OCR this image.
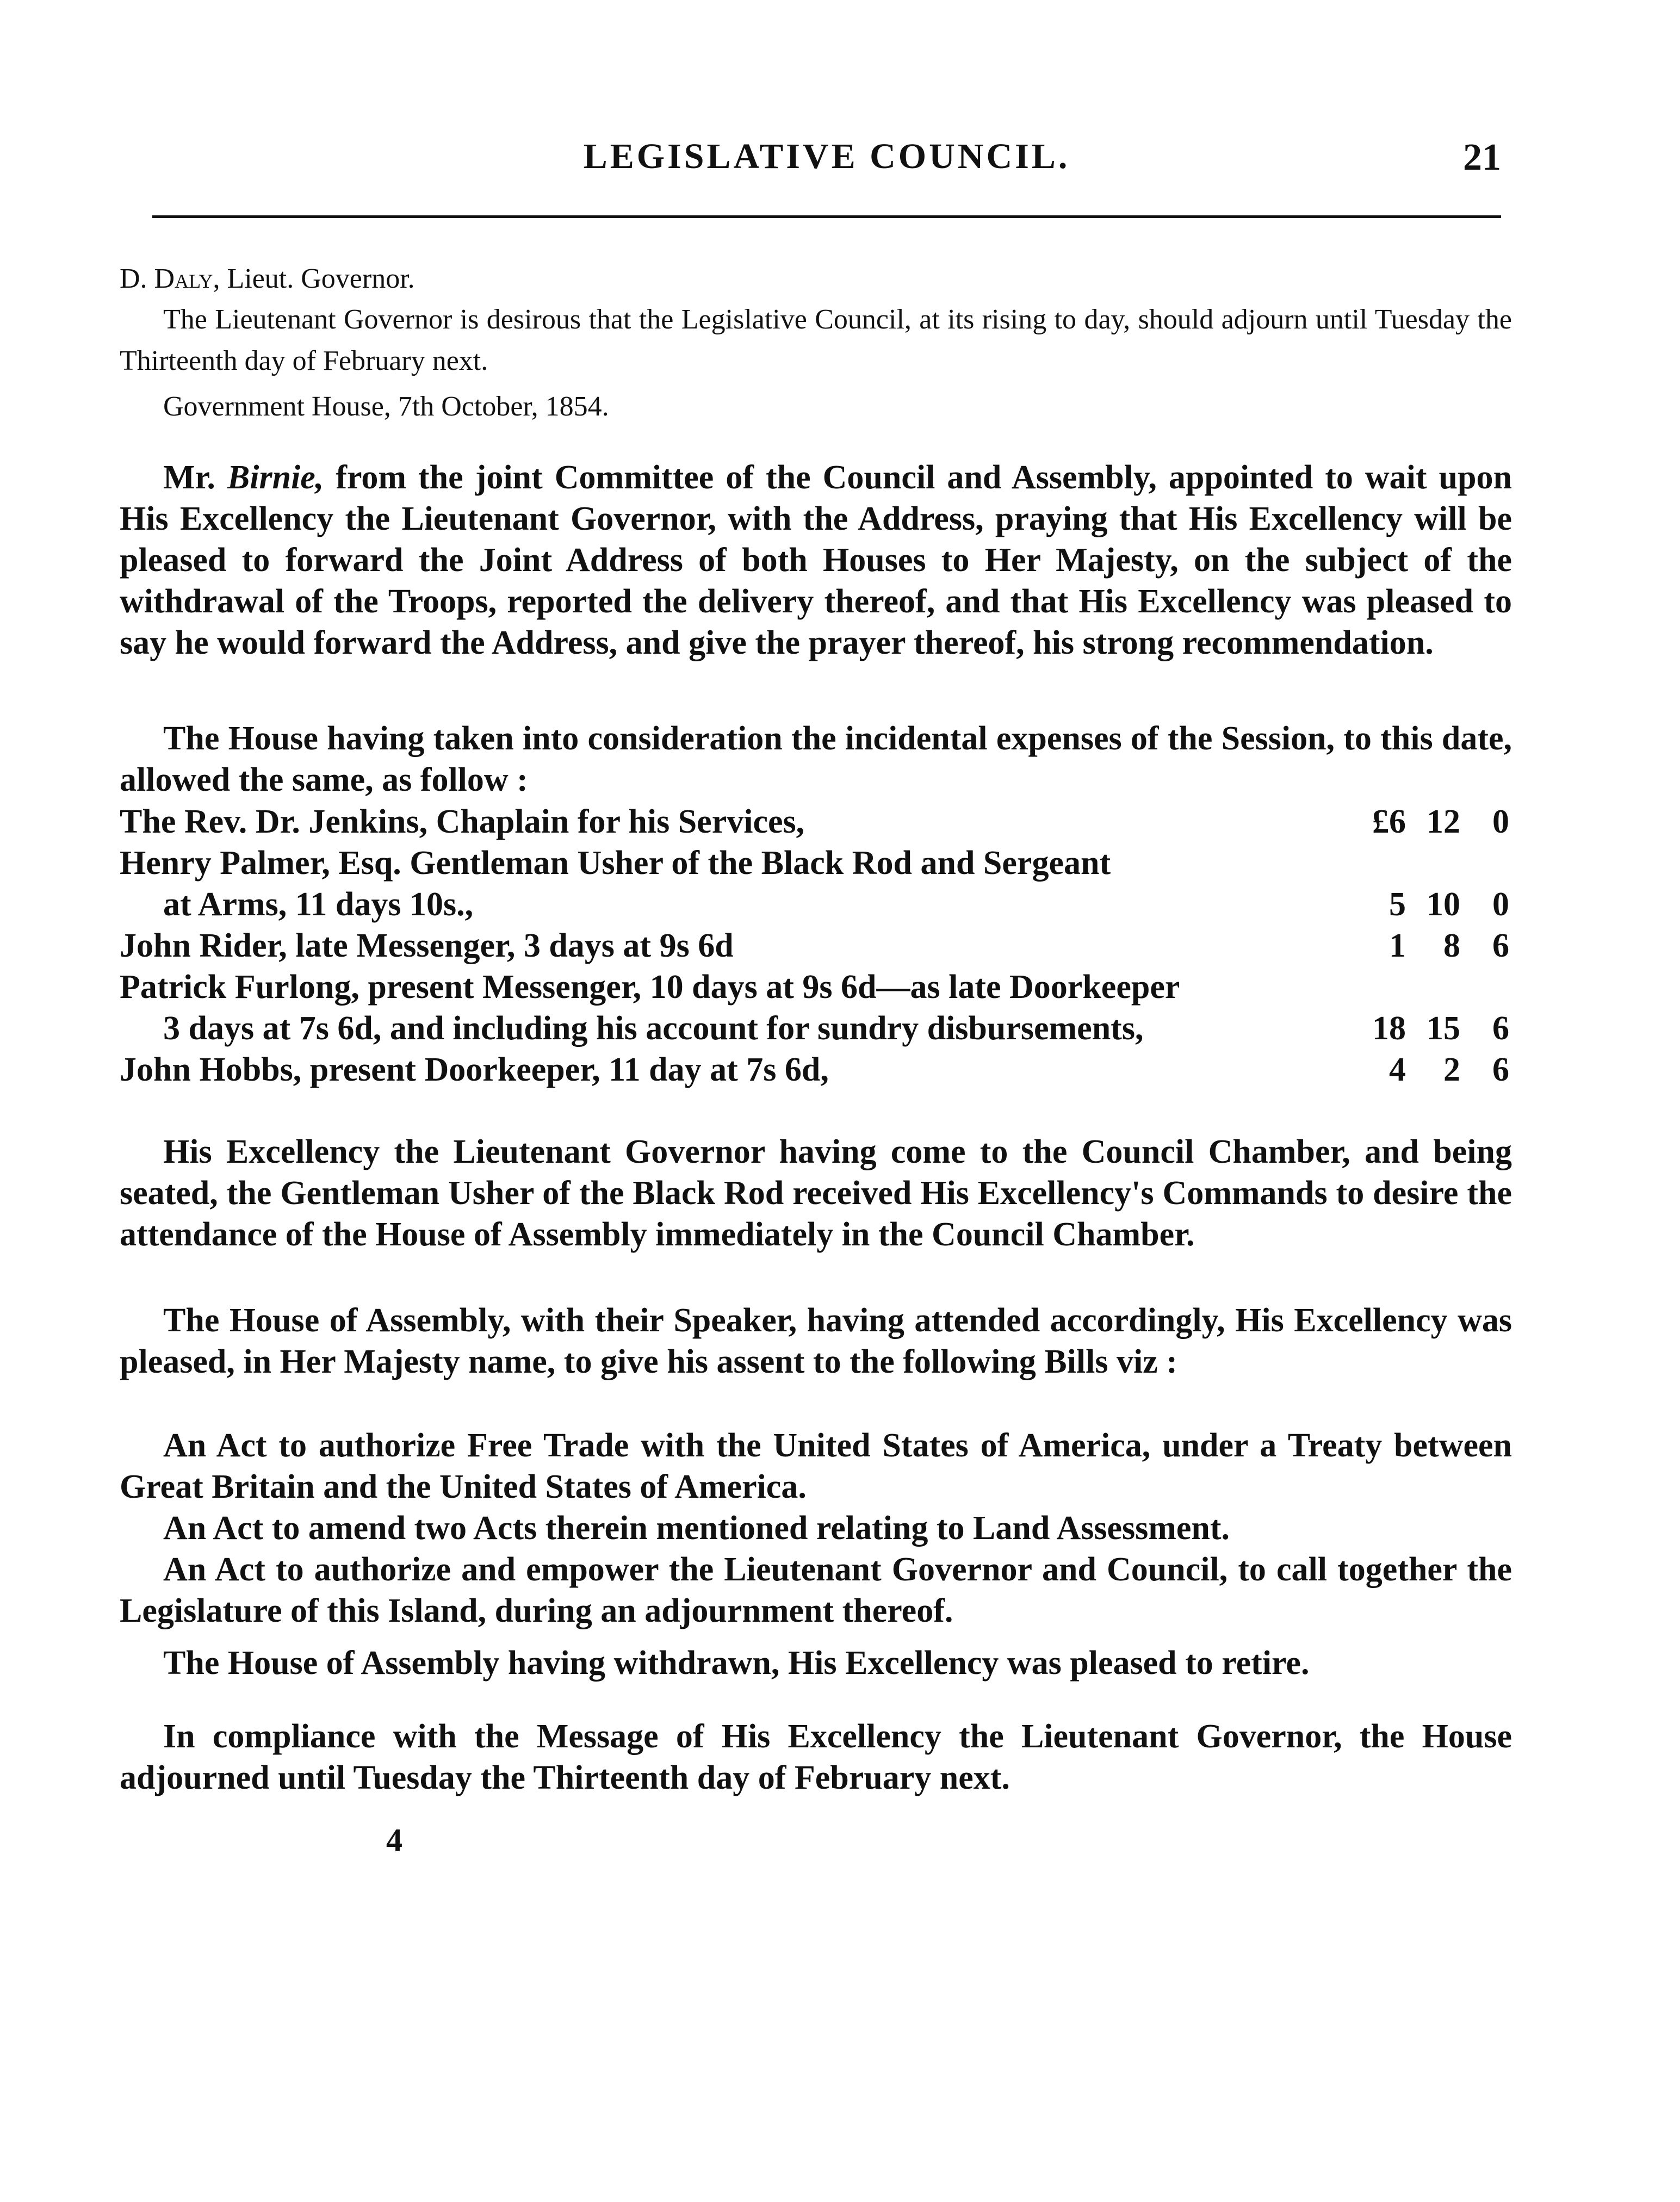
LEGISLATIVE COUNCIL.	21
D. Daly, Lieut. Governor.
The Lieutenant Governor is desirous that the Legislative Council, at its rising to day, should adjourn until Tuesday the Thirteenth day of February next.
Government House, 7th October, 1854.

Mr. Birnie, from the joint Committee of the Council and Assembly, appointed to wait upon His Excellency the Lieutenant Governor, with the Address, praying that His Excellency will be pleased to forward the Joint Address of both Houses to Her Majesty, on the subject of the withdrawal of the Troops, reported the delivery thereof, and that His Excellency was pleased to say he would forward the Address, and give the prayer thereof, his strong recommendation.

The House having taken into consideration the incidental expenses of the Session, to this date, allowed the same, as follow :

The Rev. Dr. Jenkins, Chaplain for his Services,	£6 12 0
Henry Palmer, Esq. Gentleman Usher of the Black Rod and Sergeant
at Arms, 11 days 10s.,	5 10 0
John Rider, late Messenger, 3 days at 9s 6d	1	8 6
Patrick Furlong, present Messenger, 10 days at 9s 6d—as late Doorkeeper
3 days at 7s 6d, and including his account for sundry disbursements,	18 15 6
John Hobbs, present Doorkeeper, 11 day at 7s 6d,	4	2 6

His Excellency the Lieutenant Governor having come to the Council Chamber, and being seated, the Gentleman Usher of the Black Rod received His Excellency's Commands to desire the attendance of the House of Assembly immediately in the Council Chamber.

The House of Assembly, with their Speaker, having attended accordingly, His Excellency was pleased, in Her Majesty name, to give his assent to the following Bills viz :

An Act to authorize Free Trade with the United States of America, under a Treaty between Great Britain and the United States of America.

An Act to amend two Acts therein mentioned relating to Land Assessment.

An Act to authorize and empower the Lieutenant Governor and Council, to call together the Legislature of this Island, during an adjournment thereof.

The House of Assembly having withdrawn, His Excellency was pleased to retire.

In compliance with the Message of His Excellency the Lieutenant Governor, the House adjourned until Tuesday the Thirteenth day of February next.

4
